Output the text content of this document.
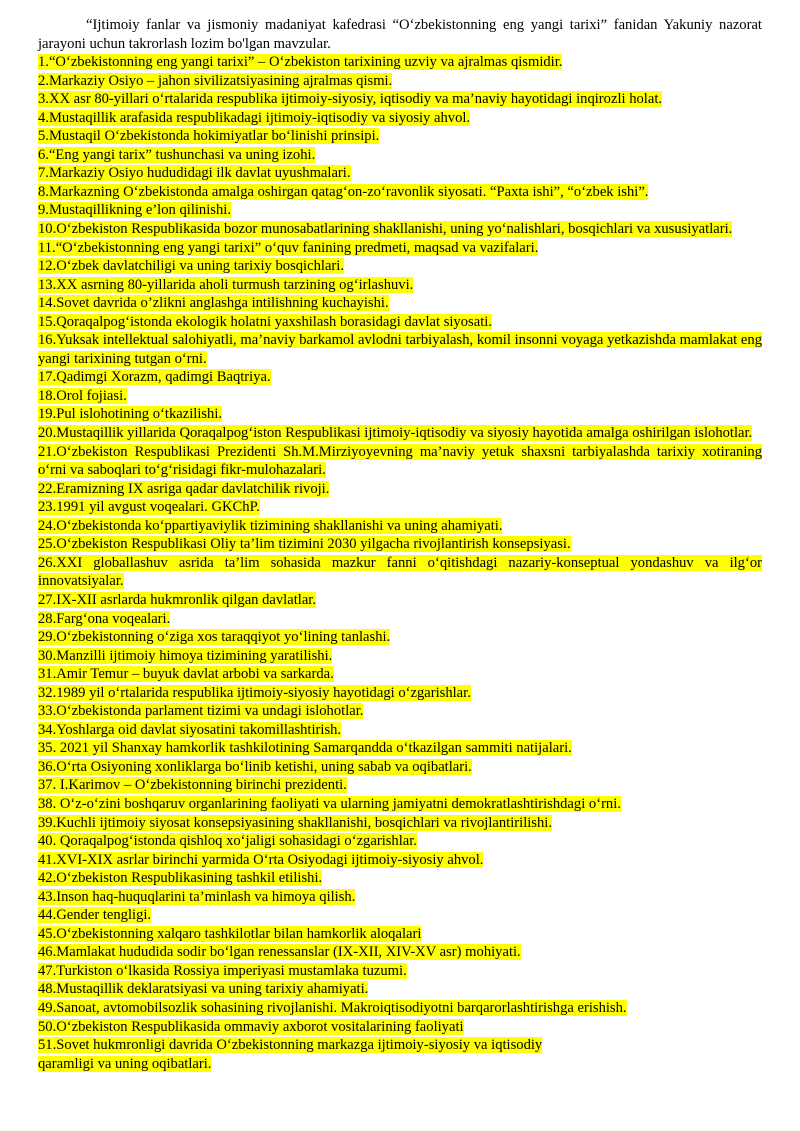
“Ijtimoiy fanlar va jismoniy madaniyat kafedrasi “O‘zbekistonning eng yangi tarixi” fanidan Yakuniy nazorat jarayoni uchun takrorlash lozim bo'lgan mavzular.

1.“O‘zbekistonning eng yangi tarixi” – O‘zbekiston tarixining uzviy va ajralmas qismidir.
2.Markaziy Osiyo – jahon sivilizatsiyasining ajralmas qismi.
3.XX asr 80-yillari o‘rtalarida respublika ijtimoiy-siyosiy, iqtisodiy va ma’naviy hayotidagi inqirozli holat.
4.Mustaqillik arafasida respublikadagi ijtimoiy-iqtisodiy va siyosiy ahvol.
5.Mustaqil O‘zbekistonda hokimiyatlar bo‘linishi prinsipi.
6.“Eng yangi tarix” tushunchasi va uning izohi.
7.Markaziy Osiyo hududidagi ilk davlat uyushmalari.
8.Markazning O‘zbekistonda amalga oshirgan qatag‘on-zo‘ravonlik siyosati. “Paxta ishi”, “o‘zbek ishi”.
9.Mustaqillikning e’lon qilinishi.
10.O‘zbekiston Respublikasida bozor munosabatlarining shakllanishi, uning yo‘nalishlari, bosqichlari va xususiyatlari.
11.“O‘zbekistonning eng yangi tarixi” o‘quv fanining predmeti, maqsad va vazifalari.
12.O‘zbek davlatchiligi va uning tarixiy bosqichlari.
13.XX asrning 80-yillarida aholi turmush tarzining og‘irlashuvi.
14.Sovet davrida o’zlikni anglashga intilishning kuchayishi.
15.Qoraqalpog‘istonda ekologik holatni yaxshilash borasidagi davlat siyosati.
16.Yuksak intellektual salohiyatli, ma’naviy barkamol avlodni tarbiyalash, komil insonni voyaga yetkazishda mamlakat eng yangi tarixining tutgan o‘rni.
17.Qadimgi Xorazm, qadimgi Baqtriya.
18.Orol fojiasi.
19.Pul islohotining o‘tkazilishi.
20.Mustaqillik yillarida Qoraqalpog‘iston Respublikasi ijtimoiy-iqtisodiy va siyosiy hayotida amalga oshirilgan islohotlar.
21.O‘zbekiston Respublikasi Prezidenti Sh.M.Mirziyoyevning ma’naviy yetuk shaxsni tarbiyalashda tarixiy xotiraning o‘rni va saboqlari to‘g‘risidagi fikr-mulohazalari.
22.Eramizning IX asriga qadar davlatchilik rivoji.
23.1991 yil avgust voqealari. GKChP.
24.O‘zbekistonda ko‘ppartiyaviylik tizimining shakllanishi va uning ahamiyati.
25.O‘zbekiston Respublikasi Oliy ta’lim tizimini 2030 yilgacha rivojlantirish konsepsiyasi.
26.XXI globallashuv asrida ta’lim sohasida mazkur fanni o‘qitishdagi nazariy-konseptual yondashuv va ilg‘or innovatsiyalar.
27.IX-XII asrlarda hukmronlik qilgan davlatlar.
28.Farg‘ona voqealari.
29.O‘zbekistonning o‘ziga xos taraqqiyot yo‘lining tanlashi.
30.Manzilli ijtimoiy himoya tizimining yaratilishi.
31.Amir Temur – buyuk davlat arbobi va sarkarda.
32.1989 yil o‘rtalarida respublika ijtimoiy-siyosiy hayotidagi o‘zgarishlar.
33.O‘zbekistonda parlament tizimi va undagi islohotlar.
34.Yoshlarga oid davlat siyosatini takomillashtirish.
35. 2021 yil Shanxay hamkorlik tashkilotining Samarqandda o‘tkazilgan sammiti natijalari.
36.O‘rta Osiyoning xonliklarga bo‘linib ketishi, uning sabab va oqibatlari.
37. I.Karimov – O‘zbekistonning birinchi prezidenti.
38. O‘z-o‘zini boshqaruv organlarining faoliyati va ularning jamiyatni demokratlashtirishdagi o‘rni.
39.Kuchli ijtimoiy siyosat konsepsiyasining shakllanishi, bosqichlari va rivojlantirilishi.
40. Qoraqalpog‘istonda qishloq xo‘jaligi sohasidagi o‘zgarishlar.
41.XVI-XIX asrlar birinchi yarmida O‘rta Osiyodagi ijtimoiy-siyosiy ahvol.
42.O‘zbekiston Respublikasining tashkil etilishi.
43.Inson haq-huquqlarini ta’minlash va himoya qilish.
44.Gender tengligi.
45.O‘zbekistonning xalqaro tashkilotlar bilan hamkorlik aloqalari
46.Mamlakat hududida sodir bo‘lgan renessanslar (IX-XII, XIV-XV asr) mohiyati.
47.Turkiston o‘lkasida Rossiya imperiyasi mustamlaka tuzumi.
48.Mustaqillik deklaratsiyasi va uning tarixiy ahamiyati.
49.Sanoat, avtomobilsozlik sohasining rivojlanishi. Makroiqtisodiyotni barqarorlashtirishga erishish.
50.O‘zbekiston Respublikasida ommaviy axborot vositalarining faoliyati
51.Sovet hukmronligi davrida O‘zbekistonning markazga ijtimoiy-siyosiy va iqtisodiy
qaramligi va uning oqibatlari.
